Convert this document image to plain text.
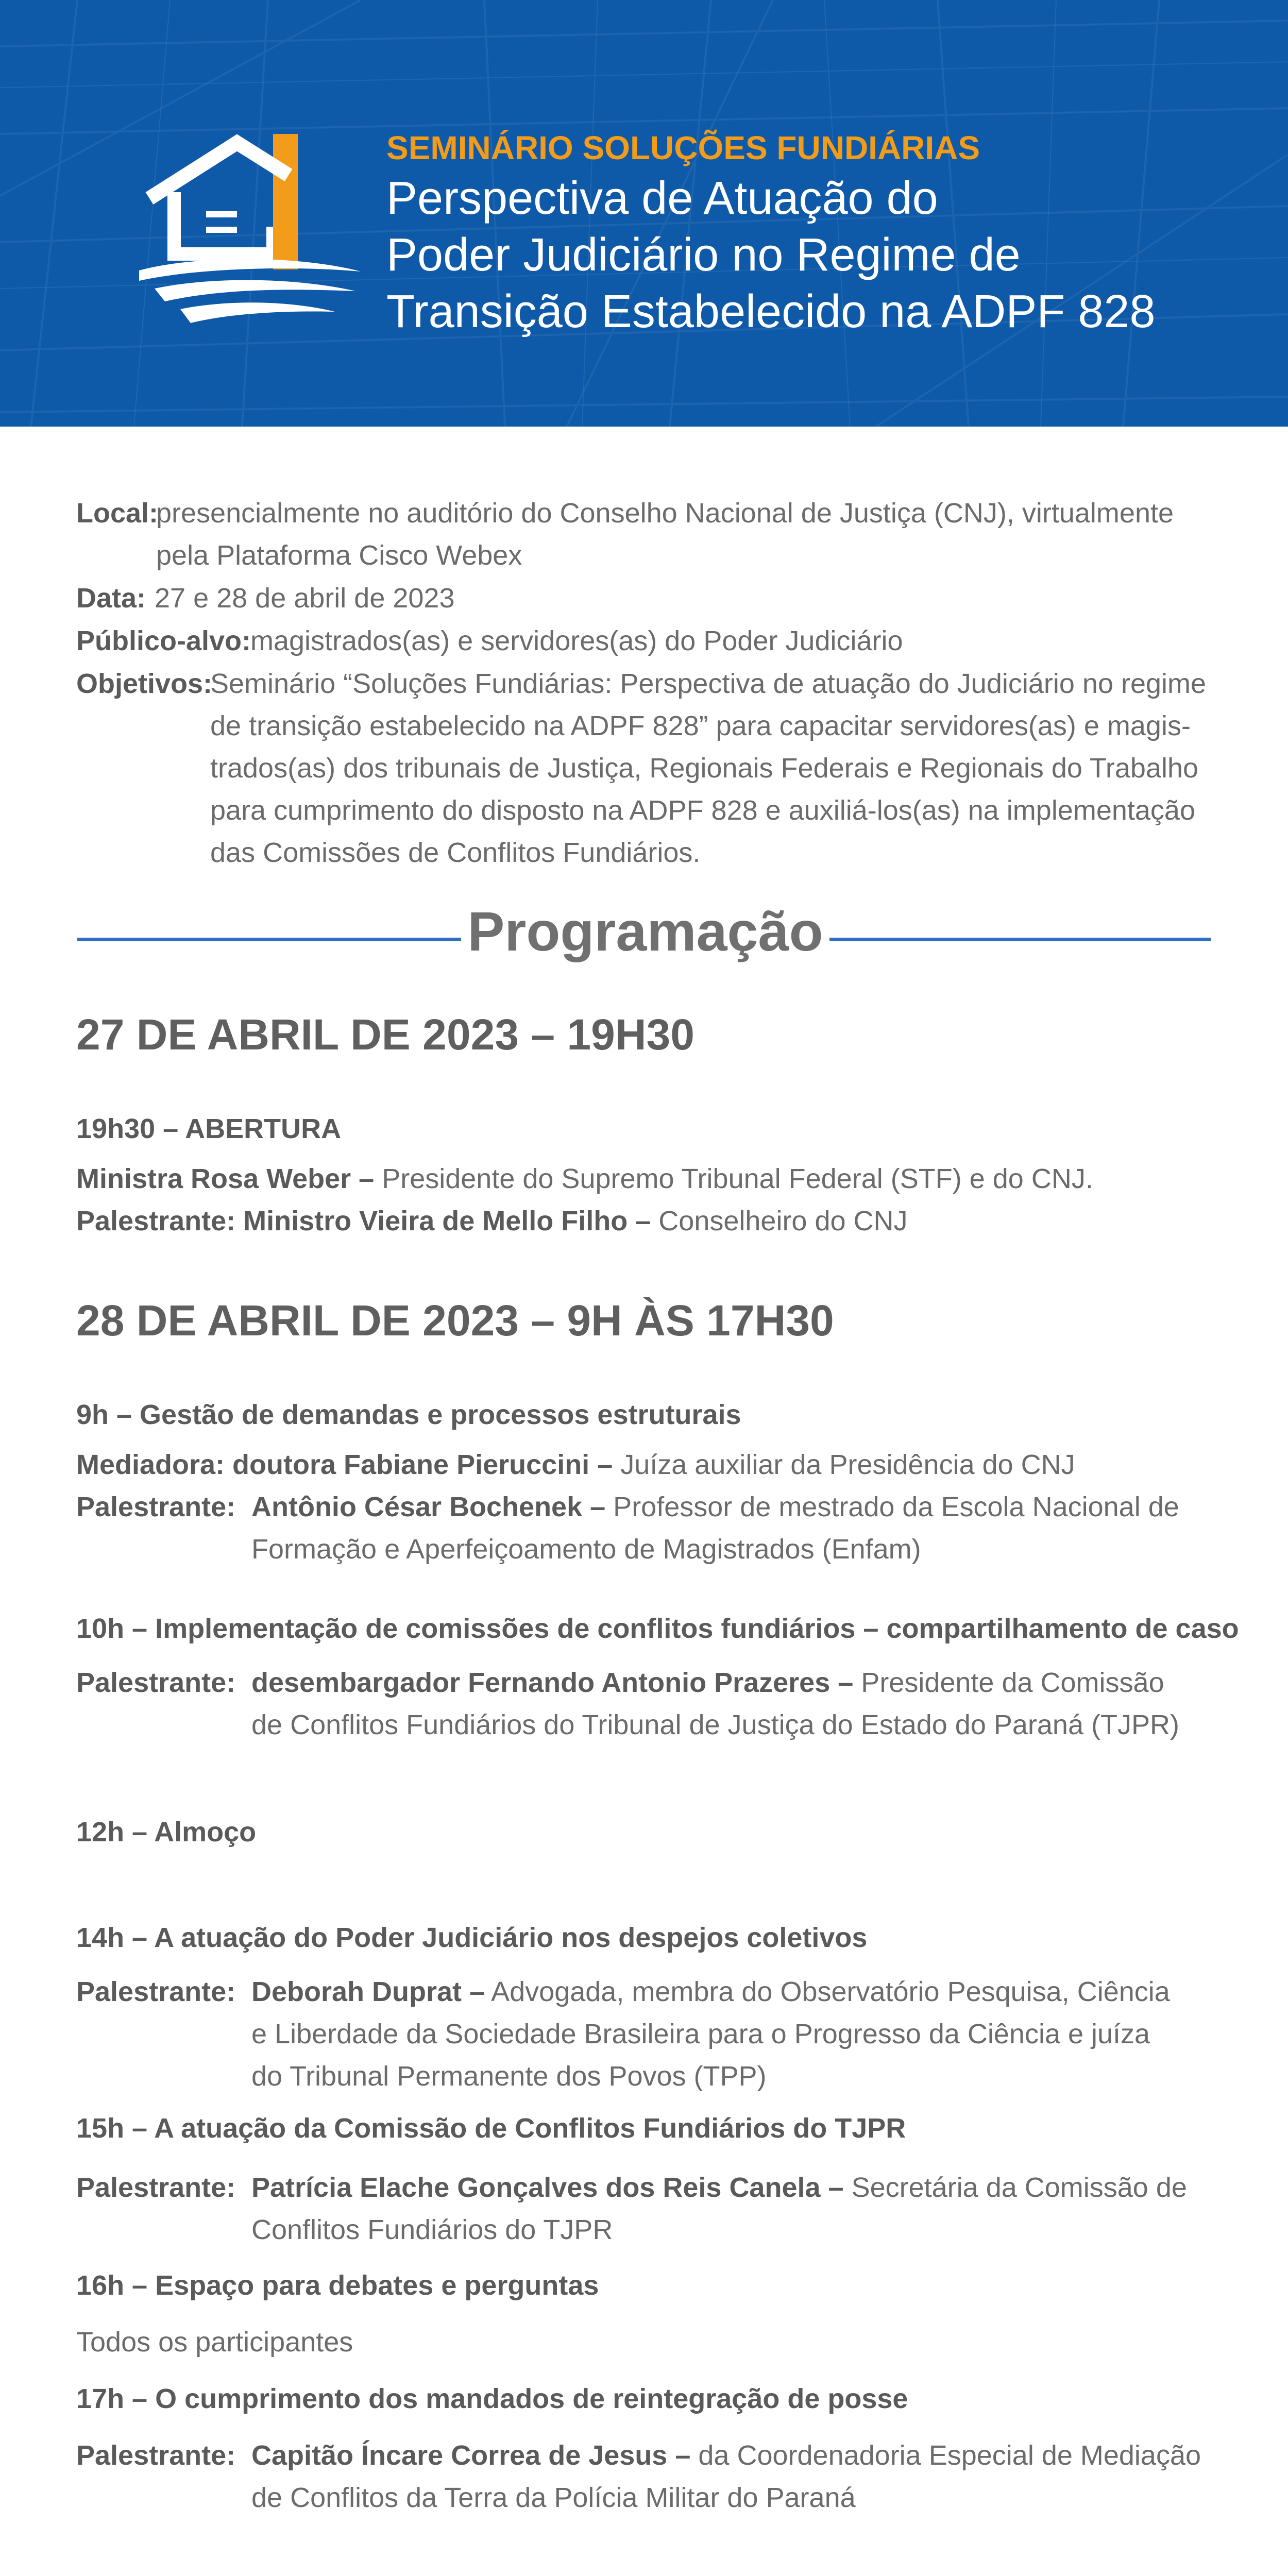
SEMINÁRIO SOLUÇÕES FUNDIÁRIAS
Perspectiva de Atuação do
Poder Judiciário no Regime de
Transição Estabelecido na ADPF 828
Local:
presencialmente no auditório do Conselho Nacional de Justiça (CNJ), virtualmente
pela Plataforma Cisco Webex
Data: 27 e 28 de abril de 2023
Público-alvo:
magistrados(as) e servidores(as) do Poder Judiciário
Objetivos:
Seminário “Soluções Fundiárias: Perspectiva de atuação do Judiciário no regime
de transição estabelecido na ADPF 828” para capacitar servidores(as) e magis-
trados(as) dos tribunais de Justiça, Regionais Federais e Regionais do Trabalho
para cumprimento do disposto na ADPF 828 e auxiliá-los(as) na implementação
das Comissões de Conflitos Fundiários.
Programação
27 DE ABRIL DE 2023 – 19H30
19h30 – ABERTURA
Ministra Rosa Weber – Presidente do Supremo Tribunal Federal (STF) e do CNJ.
Palestrante: Ministro Vieira de Mello Filho – Conselheiro do CNJ
28 DE ABRIL DE 2023 – 9H ÀS 17H30
9h – Gestão de demandas e processos estruturais
Mediadora: doutora Fabiane Pieruccini – Juíza auxiliar da Presidência do CNJ
Palestrante: Antônio César Bochenek – Professor de mestrado da Escola Nacional de
Formação e Aperfeiçoamento de Magistrados (Enfam)
10h – Implementação de comissões de conflitos fundiários – compartilhamento de caso
Palestrante: desembargador Fernando Antonio Prazeres – Presidente da Comissão
de Conflitos Fundiários do Tribunal de Justiça do Estado do Paraná (TJPR)
12h – Almoço
14h – A atuação do Poder Judiciário nos despejos coletivos
Palestrante: Deborah Duprat – Advogada, membra do Observatório Pesquisa, Ciência
e Liberdade da Sociedade Brasileira para o Progresso da Ciência e juíza
do Tribunal Permanente dos Povos (TPP)
15h – A atuação da Comissão de Conflitos Fundiários do TJPR
Palestrante: Patrícia Elache Gonçalves dos Reis Canela – Secretária da Comissão de
Conflitos Fundiários do TJPR
16h – Espaço para debates e perguntas
Todos os participantes
17h – O cumprimento dos mandados de reintegração de posse
Palestrante: Capitão Íncare Correa de Jesus – da Coordenadoria Especial de Mediação
de Conflitos da Terra da Polícia Militar do Paraná
